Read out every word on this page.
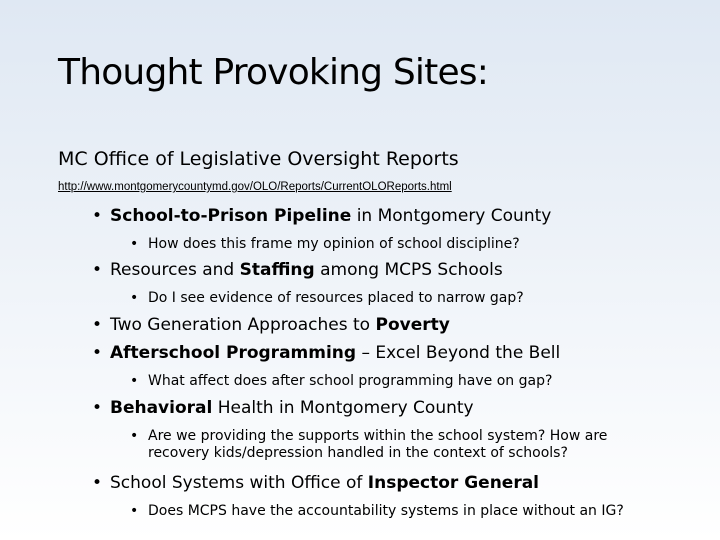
Thought Provoking Sites:
MC Office of Legislative Oversight Reports
http://www.montgomerycountymd.gov/OLO/Reports/CurrentOLOReports.html
• School-to-Prison Pipeline in Montgomery County
• How does this frame my opinion of school discipline?
• Resources and Staffing among MCPS Schools
• Do I see evidence of resources placed to narrow gap?
• Two Generation Approaches to Poverty
• Afterschool Programming – Excel Beyond the Bell
• What affect does after school programming have on gap?
• Behavioral Health in Montgomery County
• Are we providing the supports within the school system? How are recovery kids/depression handled in the context of schools?
• School Systems with Office of Inspector General
• Does MCPS have the accountability systems in place without an IG?
